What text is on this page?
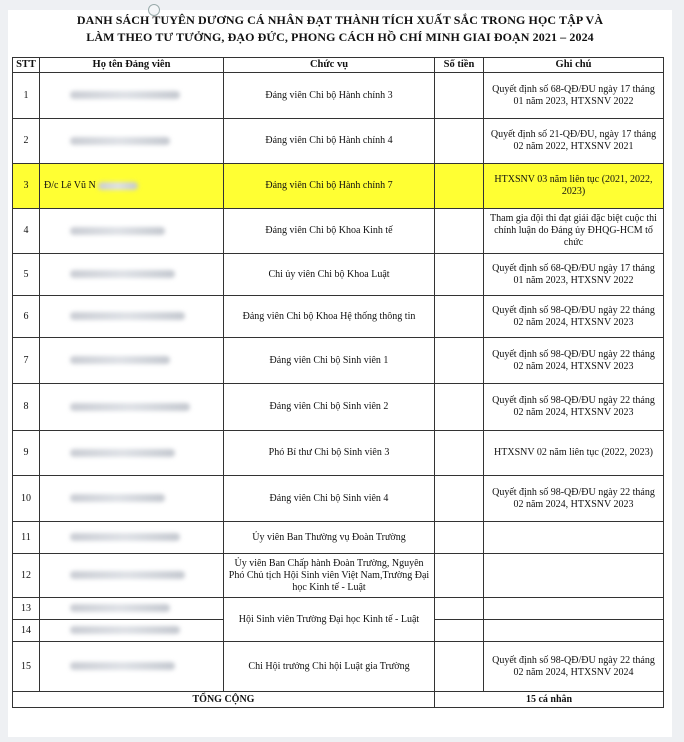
DANH SÁCH TUYÊN DƯƠNG CÁ NHÂN ĐẠT THÀNH TÍCH XUẤT SẮC TRONG HỌC TẬP VÀ
LÀM THEO TƯ TƯỞNG, ĐẠO ĐỨC, PHONG CÁCH HỒ CHÍ MINH GIAI ĐOẠN 2021 – 2024
STT	Họ tên Đảng viên	Chức vụ	Số tiền	Ghi chú
1		Đảng viên Chi bộ Hành chính 3		Quyết định số 68-QĐ/ĐU ngày 17 tháng 01 năm 2023, HTXSNV 2022
2		Đảng viên Chi bộ Hành chính 4		Quyết định số 21-QĐ/ĐU, ngày 17 tháng 02 năm 2022, HTXSNV 2021
3	Đ/c Lê Vũ N	Đảng viên Chi bộ Hành chính 7		HTXSNV 03 năm liên tục (2021, 2022, 2023)
4		Đảng viên Chi bộ Khoa Kinh tế		Tham gia đội thi đạt giải đặc biệt cuộc thi chính luận do Đảng ủy ĐHQG-HCM tổ chức
5		Chi ủy viên Chi bộ Khoa Luật		Quyết định số 68-QĐ/ĐU ngày 17 tháng 01 năm 2023, HTXSNV 2022
6		Đảng viên Chi bộ Khoa Hệ thống thông tin		Quyết định số 98-QĐ/ĐU ngày 22 tháng 02 năm 2024, HTXSNV 2023
7		Đảng viên Chi bộ Sinh viên 1		Quyết định số 98-QĐ/ĐU ngày 22 tháng 02 năm 2024, HTXSNV 2023
8		Đảng viên Chi bộ Sinh viên 2		Quyết định số 98-QĐ/ĐU ngày 22 tháng 02 năm 2024, HTXSNV 2023
9		Phó Bí thư Chi bộ Sinh viên 3		HTXSNV 02 năm liên tục (2022, 2023)
10		Đảng viên Chi bộ Sinh viên 4		Quyết định số 98-QĐ/ĐU ngày 22 tháng 02 năm 2024, HTXSNV 2023
11		Ủy viên Ban Thường vụ Đoàn Trường		
12		Ủy viên Ban Chấp hành Đoàn Trường, Nguyên Phó Chủ tịch Hội Sinh viên Việt Nam,Trường Đại học Kinh tế - Luật		
13		Hội Sinh viên Trường Đại học Kinh tế - Luật		
14				
15		Chi Hội trưởng Chi hội Luật gia Trường		Quyết định số 98-QĐ/ĐU ngày 22 tháng 02 năm 2024, HTXSNV 2024
TỔNG CỘNG			15 cá nhân	
